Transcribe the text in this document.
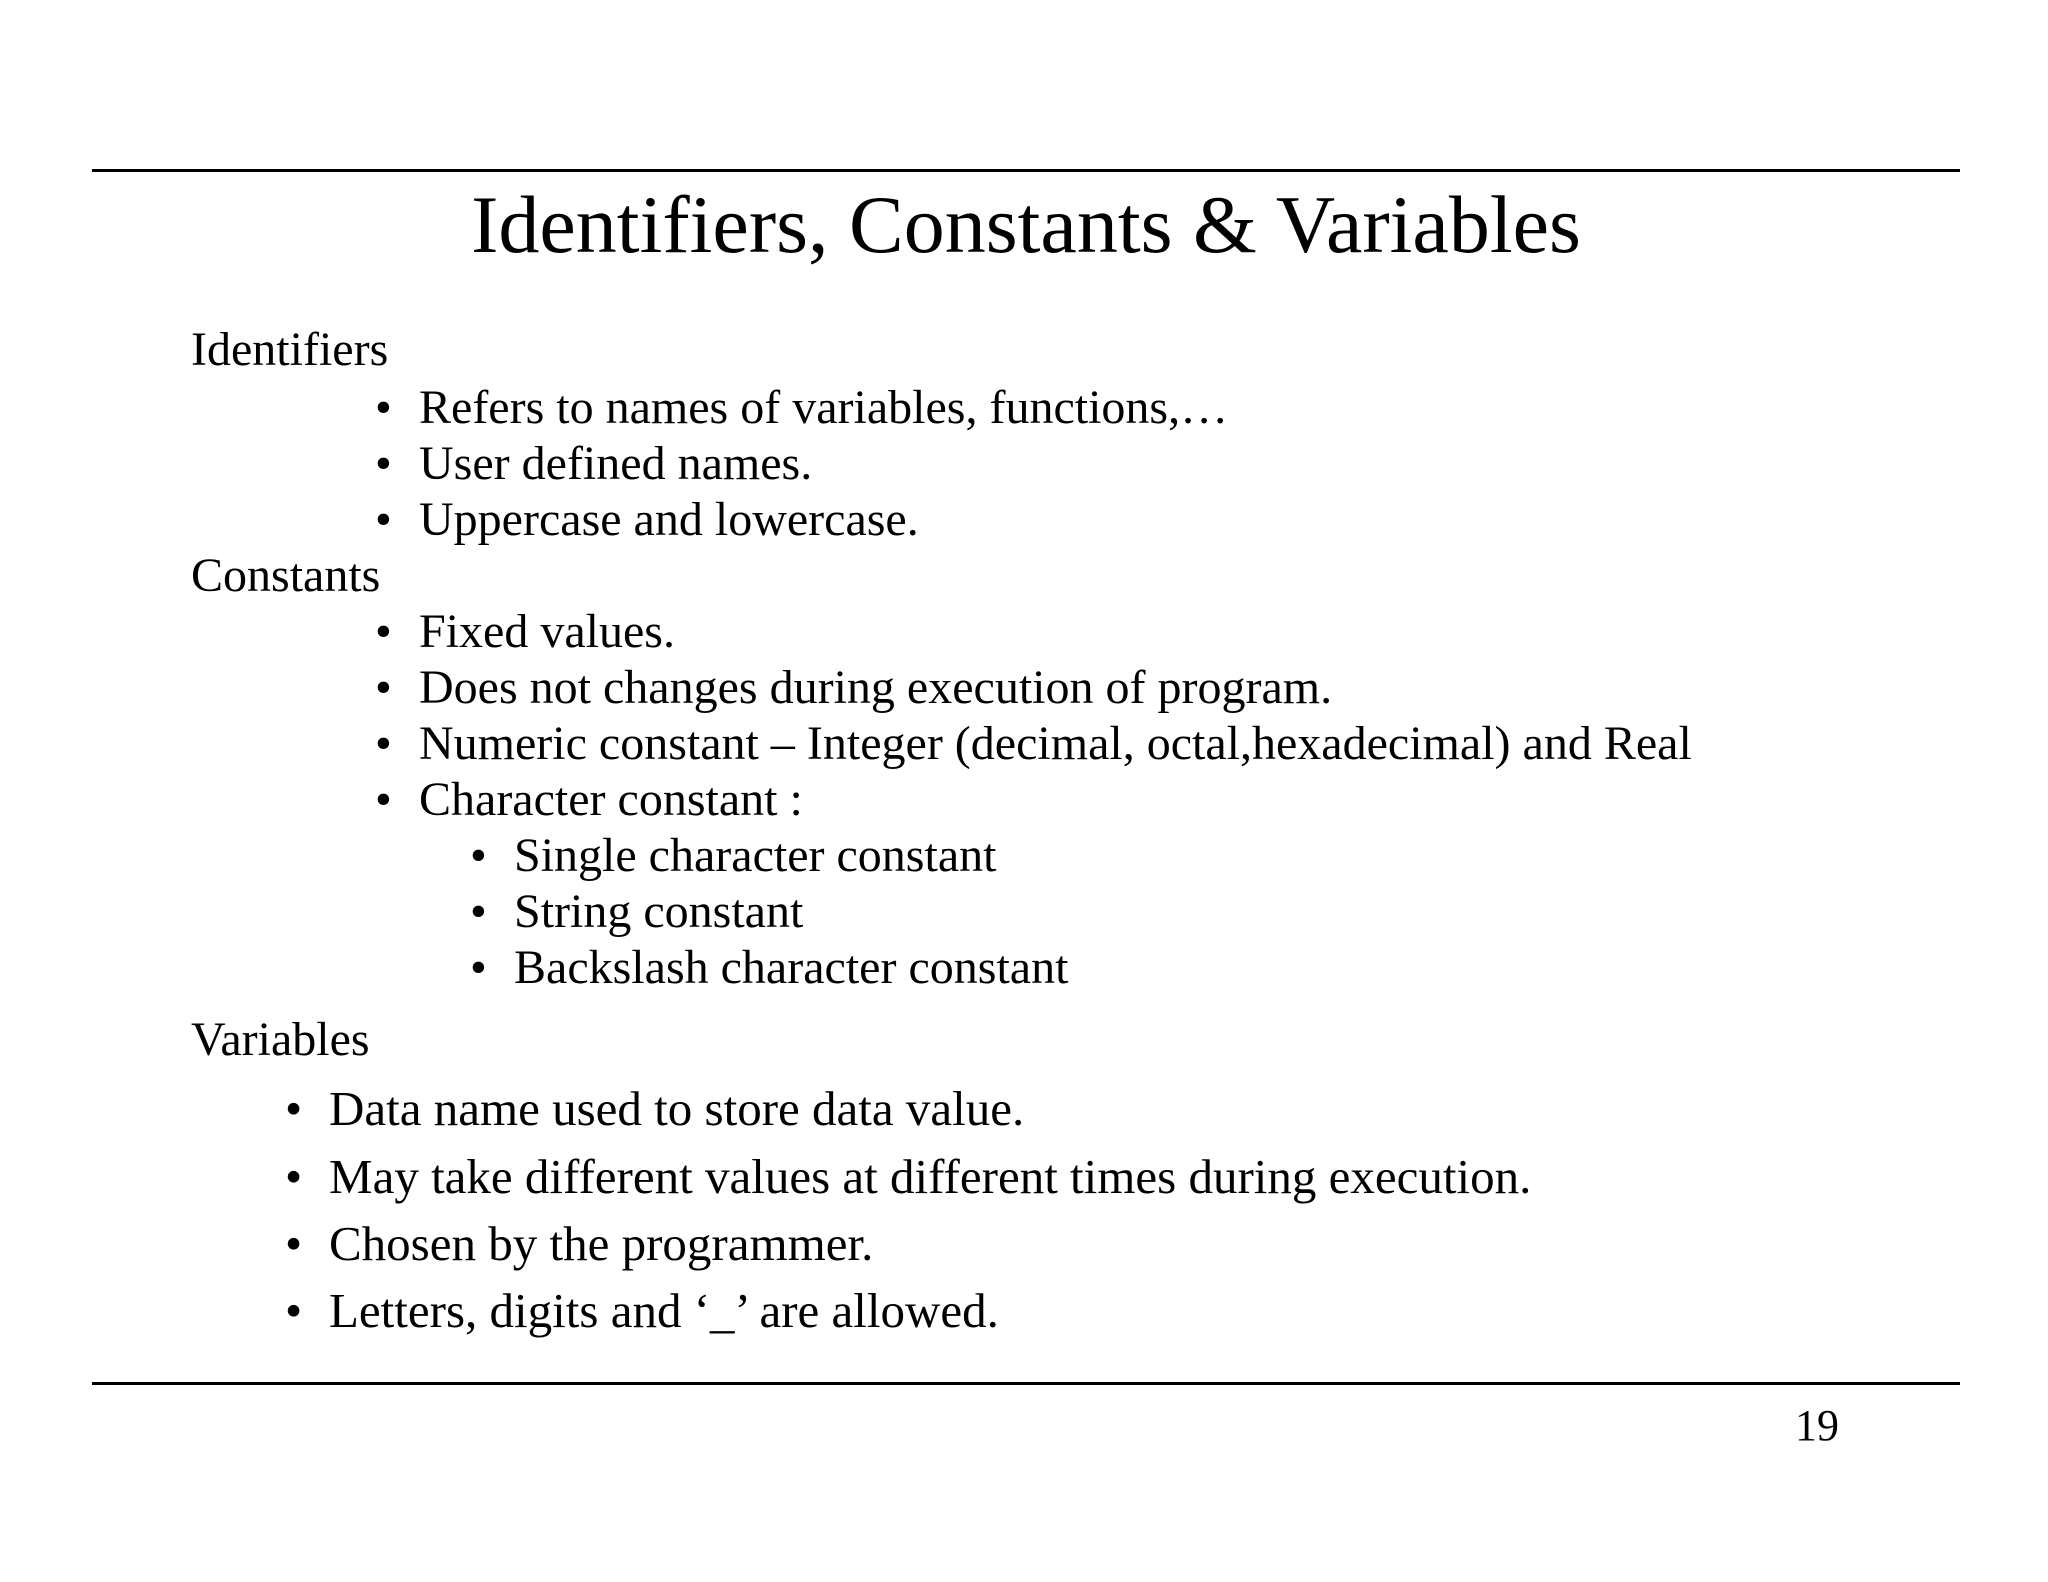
Identifiers, Constants & Variables
Identifiers
• Refers to names of variables, functions,…
• User defined names.
• Uppercase and lowercase.
Constants
• Fixed values.
• Does not changes during execution of program.
• Numeric constant – Integer (decimal, octal,hexadecimal) and Real
• Character constant :
• Single character constant
• String constant
• Backslash character constant
Variables
• Data name used to store data value.
• May take different values at different times during execution.
• Chosen by the programmer.
• Letters, digits and ‘_’ are allowed.
19
